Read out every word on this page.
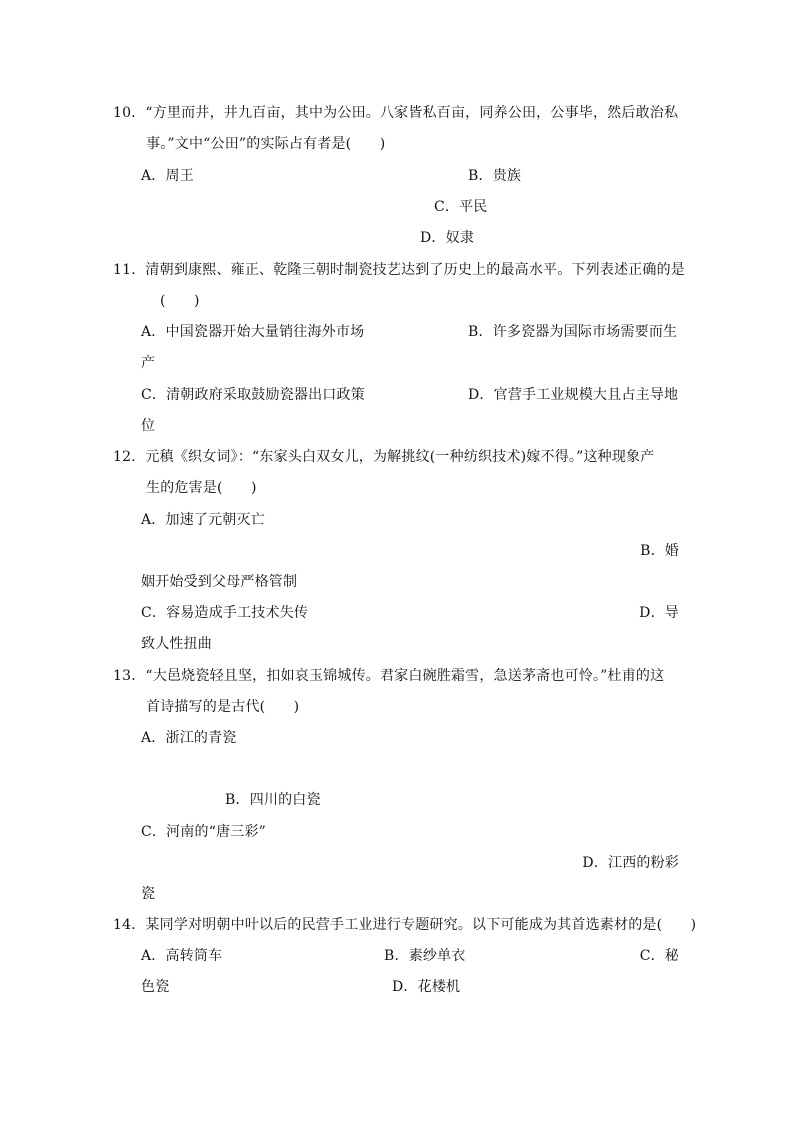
10．“方里而井，井九百亩，其中为公田。八家皆私百亩，同养公田，公事毕，然后敢治私
事。”文中“公田”的实际占有者是(　　)
A．周王	B．贵族
C．平民
D．奴隶
11．清朝到康熙、雍正、乾隆三朝时制瓷技艺达到了历史上的最高水平。下列表述正确的是
(　　)
A．中国瓷器开始大量销往海外市场	B．许多瓷器为国际市场需要而生
产
C．清朝政府采取鼓励瓷器出口政策	D．官营手工业规模大且占主导地
位
12．元稹《织女词》：“东家头白双女儿，为解挑纹(一种纺织技术)嫁不得。”这种现象产
生的危害是(　　)
A．加速了元朝灭亡
B．婚
姻开始受到父母严格管制
C．容易造成手工技术失传	D．导
致人性扭曲
13．“大邑烧瓷轻且坚，扣如哀玉锦城传。君家白碗胜霜雪，急送茅斋也可怜。”杜甫的这
首诗描写的是古代(　　)
A．浙江的青瓷
B．四川的白瓷
C．河南的“唐三彩”
D．江西的粉彩
瓷
14．某同学对明朝中叶以后的民营手工业进行专题研究。以下可能成为其首选素材的是(　　)
A．高转筒车	B．素纱单衣	C．秘
色瓷	D．花楼机
